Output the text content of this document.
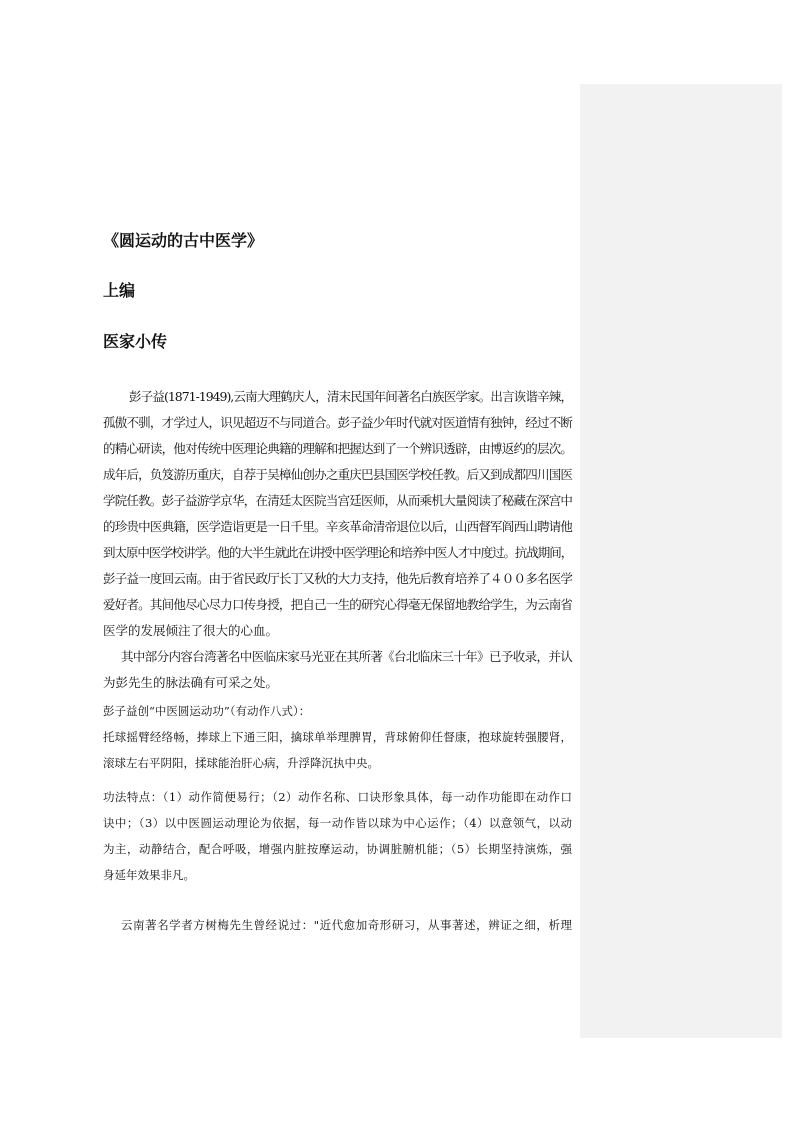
《圆运动的古中医学》
上编
医家小传
彭子益(1871-1949),云南大理鹤庆人，清末民国年间著名白族医学家。出言诙谐辛辣，
孤傲不驯，才学过人，识见超迈不与同道合。彭子益少年时代就对医道情有独钟，经过不断
的精心研读，他对传统中医理论典籍的理解和把握达到了一个辨识透辟，由博返约的层次。
成年后，负笈游历重庆，自荐于吴樟仙创办之重庆巴县国医学校任教。后又到成都四川国医
学院任教。彭子益游学京华，在清廷太医院当宫廷医师，从而乘机大量阅读了秘藏在深宫中
的珍贵中医典籍，医学造诣更是一日千里。辛亥革命清帝退位以后，山西督军阎西山聘请他
到太原中医学校讲学。他的大半生就此在讲授中医学理论和培养中医人才中度过。抗战期间，
彭子益一度回云南。由于省民政厅长丁又秋的大力支持，他先后教育培养了４００多名医学
爱好者。其间他尽心尽力口传身授，把自己一生的研究心得毫无保留地教给学生，为云南省
医学的发展倾注了很大的心血。
其中部分内容台湾著名中医临床家马光亚在其所著《台北临床三十年》已予收录，并认
为彭先生的脉法确有可采之处。
彭子益创“中医圆运动功”（有动作八式）：
托球摇臂经络畅，捧球上下通三阳，擒球单举理脾胃，背球俯仰任督康，抱球旋转强腰肾，
滚球左右平阴阳，揉球能治肝心病，升浮降沉执中央。
功法特点：（1）动作简便易行；（2）动作名称、口诀形象具体，每一动作功能即在动作口
诀中；（3）以中医圆运动理论为依据，每一动作皆以球为中心运作；（4）以意领气，以动
为主，动静结合，配合呼吸，增强内脏按摩运动，协调脏腑机能；（5）长期坚持演炼，强
身延年效果非凡。
云南著名学者方树梅先生曾经说过："近代愈加奇形研习，从事著述，辨证之细，析理
